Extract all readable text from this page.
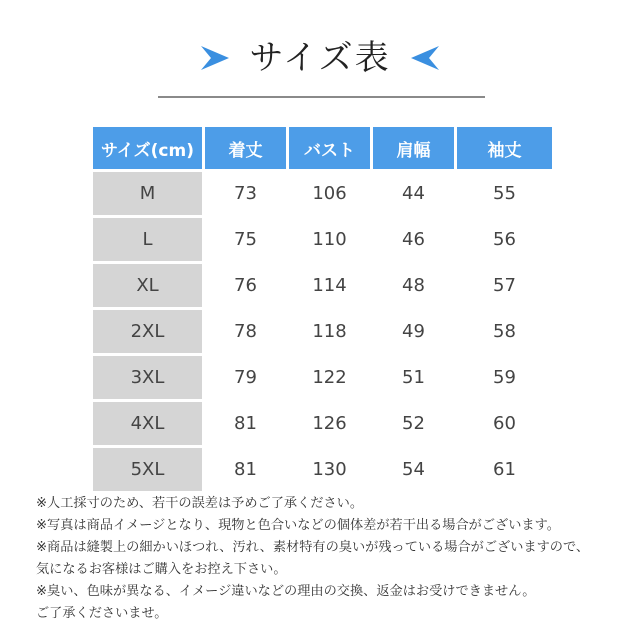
サイズ表
サイズ(cm)	着丈	バスト	肩幅	袖丈
M	73	106	44	55
L	75	110	46	56
XL	76	114	48	57
2XL	78	118	49	58
3XL	79	122	51	59
4XL	81	126	52	60
5XL	81	130	54	61
※人工採寸のため、若干の誤差は予めご了承ください。
※写真は商品イメージとなり、現物と色合いなどの個体差が若干出る場合がございます。
※商品は縫製上の細かいほつれ、汚れ、素材特有の臭いが残っている場合がございますので、
気になるお客様はご購入をお控え下さい。
※臭い、色味が異なる、イメージ違いなどの理由の交換、返金はお受けできません。
ご了承くださいませ。
